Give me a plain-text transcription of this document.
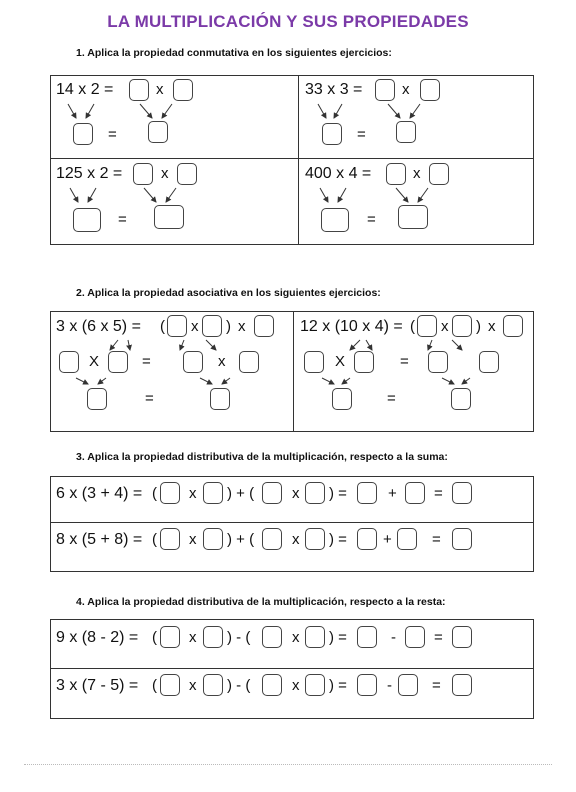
LA MULTIPLICACIÓN Y SUS PROPIEDADES
1. Aplica la propiedad conmutativa en los siguientes ejercicios:
14 x 2 =	x
=
33 x 3 =	x
=
125 x 2 =	x
=
400 x 4 =	x
=
2. Aplica la propiedad asociativa en los siguientes ejercicios:
3 x (6 x 5) = ( x ) x
X	=	x
=
12 x (10 x 4) = ( x ) x
X	=
=
3. Aplica la propiedad distributiva de la multiplicación, respecto a la suma:
6 x (3 + 4) = ( x ) + (	x ) =	+ =
8 x (5 + 8) = ( x ) + (	x ) = +	=
4. Aplica la propiedad distributiva de la multiplicación, respecto a la resta:
9 x (8 - 2) = ( x ) - (	x ) =	-	=
3 x (7 - 5) = ( x ) - (	x ) =	-	=
